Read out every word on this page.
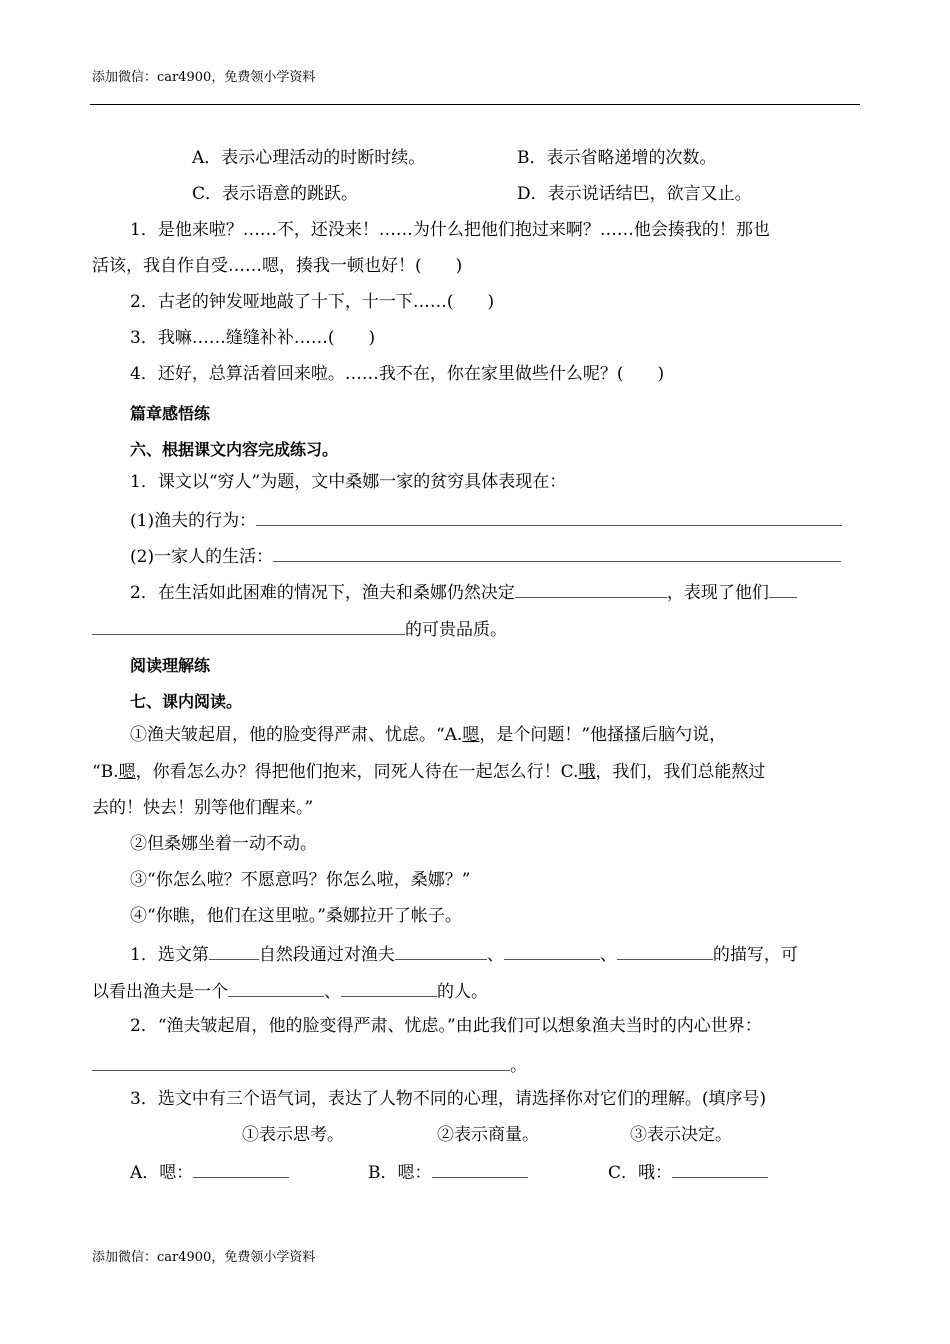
添加微信：car4900，免费领小学资料
A．表示心理活动的时断时续。	B．表示省略递增的次数。
C．表示语意的跳跃。	D．表示说话结巴，欲言又止。
1．是他来啦？……不，还没来！……为什么把他们抱过来啊？……他会揍我的！那也
活该，我自作自受……嗯，揍我一顿也好！(　　)
2．古老的钟发哑地敲了十下，十一下……(　　)
3．我嘛……缝缝补补……(　　)
4．还好，总算活着回来啦。……我不在，你在家里做些什么呢？(　　)
篇章感悟练
六、根据课文内容完成练习。
1．课文以“穷人”为题，文中桑娜一家的贫穷具体表现在：
(1)渔夫的行为：
(2)一家人的生活：
2．在生活如此困难的情况下，渔夫和桑娜仍然决定	，表现了他们
的可贵品质。
阅读理解练
七、课内阅读。
①渔夫皱起眉，他的脸变得严肃、忧虑。“A.嗯，是个问题！”他搔搔后脑勺说，
“B.嗯，你看怎么办？得把他们抱来，同死人待在一起怎么行！C.哦，我们，我们总能熬过
去的！快去！别等他们醒来。”
②但桑娜坐着一动不动。
③“你怎么啦？不愿意吗？你怎么啦，桑娜？”
④“你瞧，他们在这里啦。”桑娜拉开了帐子。
1．选文第	自然段通过对渔夫	、	、	的描写，可
以看出渔夫是一个	、	的人。
2．“渔夫皱起眉，他的脸变得严肃、忧虑。”由此我们可以想象渔夫当时的内心世界：
。
3．选文中有三个语气词，表达了人物不同的心理，请选择你对它们的理解。(填序号)
①表示思考。	②表示商量。	③表示决定。
A．嗯：	B．嗯：	C．哦：
添加微信：car4900，免费领小学资料
